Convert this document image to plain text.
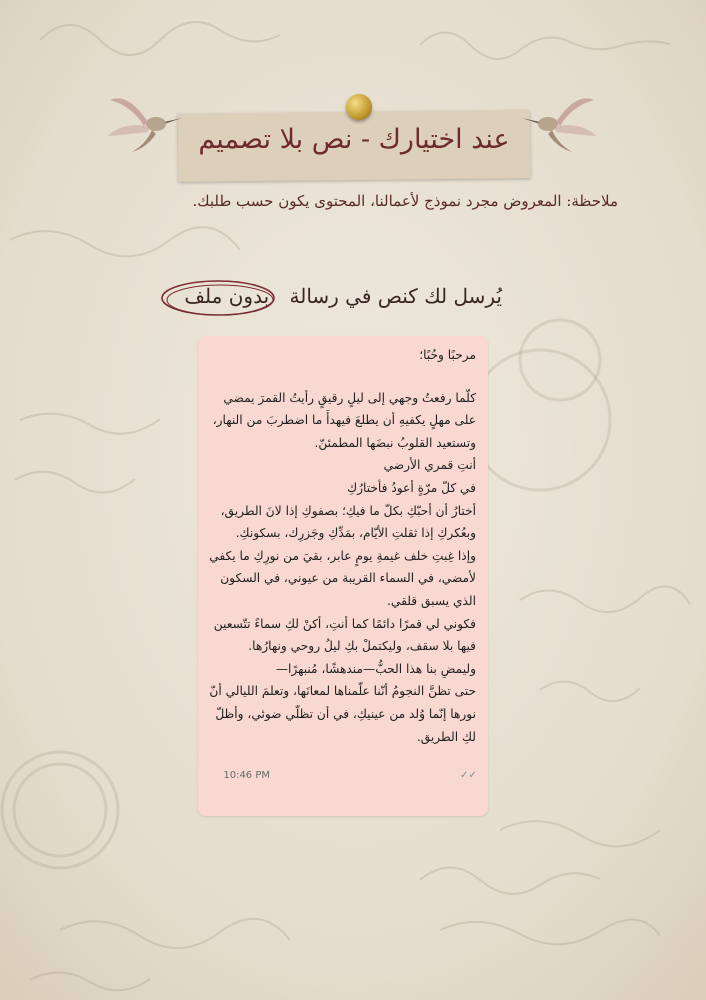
عند اختيارك - نص بلا تصميم
ملاحظة: المعروض مجرد نموذج لأعمالنا، المحتوى يكون حسب طلبك.
يُرسل لك كنص في رسالة
بدون ملف

مرحبًا وحُبًا؛

كلّما رفعتُ وجهي إلى ليلٍ رقيقٍ رأيتُ القمرَ يمضي على مهلٍ يكفيهِ أن يطلعَ فيهدأَ ما اضطربَ من النهار، وتستعيد القلوبُ نبضَها المطمئنّ.

أنتِ قمري الأرضي

في كلّ مرّةٍ أعودُ فأختارُكِ

أختارُ أن أحبّكِ بكلّ ما فيكِ؛ بصفوكِ إذا لانَ الطريق، وبعُكركِ إذا ثقلتِ الأيّام، بمَدِّكِ وجَزرِك، بسكونكِ.

وإذا غِبتِ خلف غيمةِ يومٍ عابر، بقيَ من نورِكِ ما يكفي لأمضي، في السماء القريبة من عيوني، في السكون الذي يسبق قلقي.

فكوني لي قمرًا دائمًا كما أنتِ، أكنْ لكِ سماءً تتّسعين فيها بلا سقف، وليكتملْ بكِ ليلُ روحي ونهارُها.

وليمضِ بنا هذا الحبُّ—مندهشًا، مُنبهرًا—

حتى تظنَّ النجومُ أنّنا علّمناها لمعانَها، وتعلمَ الليالي أنّ نورها إنّما وُلد من عينيكِ، في أن تظلّي ضوئي، وأظلّ لكِ الطريق.

10:46 PM	✓✓
